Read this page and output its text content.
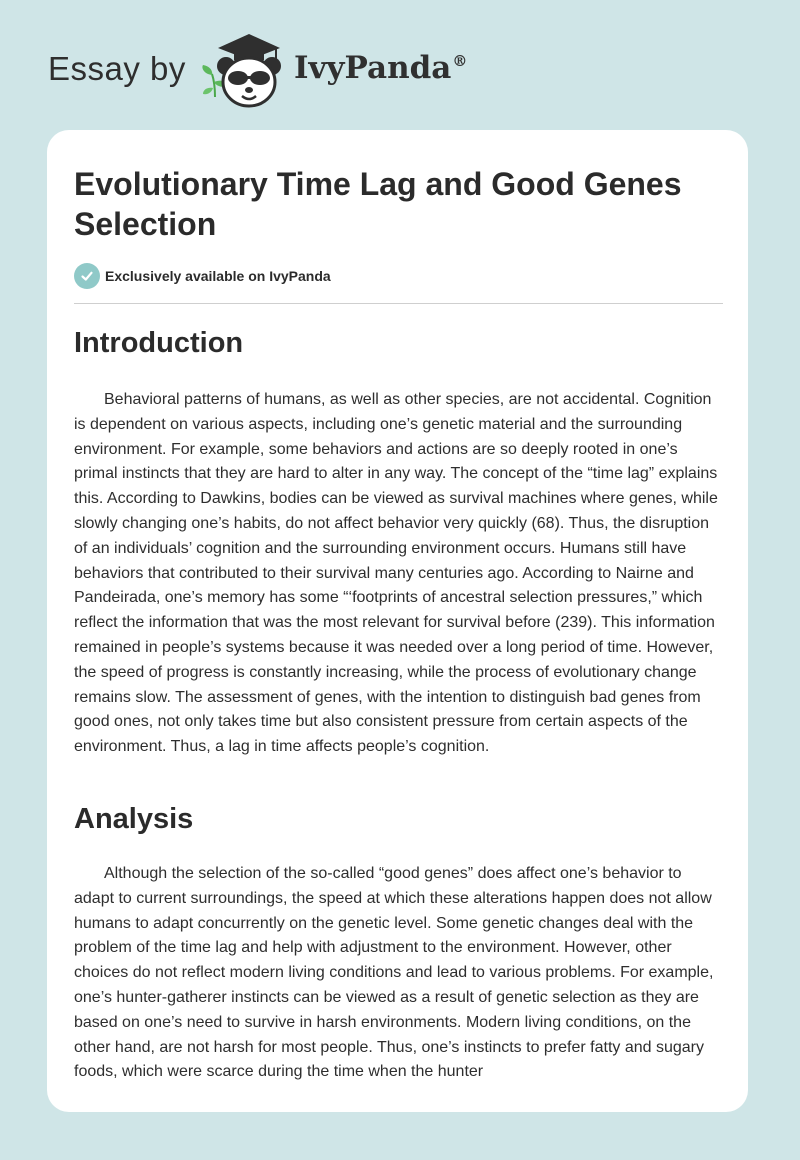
Essay by	IvyPanda®
Evolutionary Time Lag and Good Genes Selection
Exclusively available on IvyPanda
Introduction

Behavioral patterns of humans, as well as other species, are not accidental. Cognition is dependent on various aspects, including one’s genetic material and the surrounding environment. For example, some behaviors and actions are so deeply rooted in one’s primal instincts that they are hard to alter in any way. The concept of the “time lag” explains this. According to Dawkins, bodies can be viewed as survival machines where genes, while slowly changing one’s habits, do not affect behavior very quickly (68). Thus, the disruption of an individuals’ cognition and the surrounding environment occurs. Humans still have behaviors that contributed to their survival many centuries ago. According to Nairne and Pandeirada, one’s memory has some “‘footprints of ancestral selection pressures,” which reflect the information that was the most relevant for survival before (239). This information remained in people’s systems because it was needed over a long period of time. However, the speed of progress is constantly increasing, while the process of evolutionary change remains slow. The assessment of genes, with the intention to distinguish bad genes from good ones, not only takes time but also consistent pressure from certain aspects of the environment. Thus, a lag in time affects people’s cognition.

Analysis

Although the selection of the so-called “good genes” does affect one’s behavior to adapt to current surroundings, the speed at which these alterations happen does not allow humans to adapt concurrently on the genetic level. Some genetic changes deal with the problem of the time lag and help with adjustment to the environment. However, other choices do not reflect modern living conditions and lead to various problems. For example, one’s hunter-gatherer instincts can be viewed as a result of genetic selection as they are based on one’s need to survive in harsh environments. Modern living conditions, on the other hand, are not harsh for most people. Thus, one’s instincts to prefer fatty and sugary foods, which were scarce during the time when the hunter
